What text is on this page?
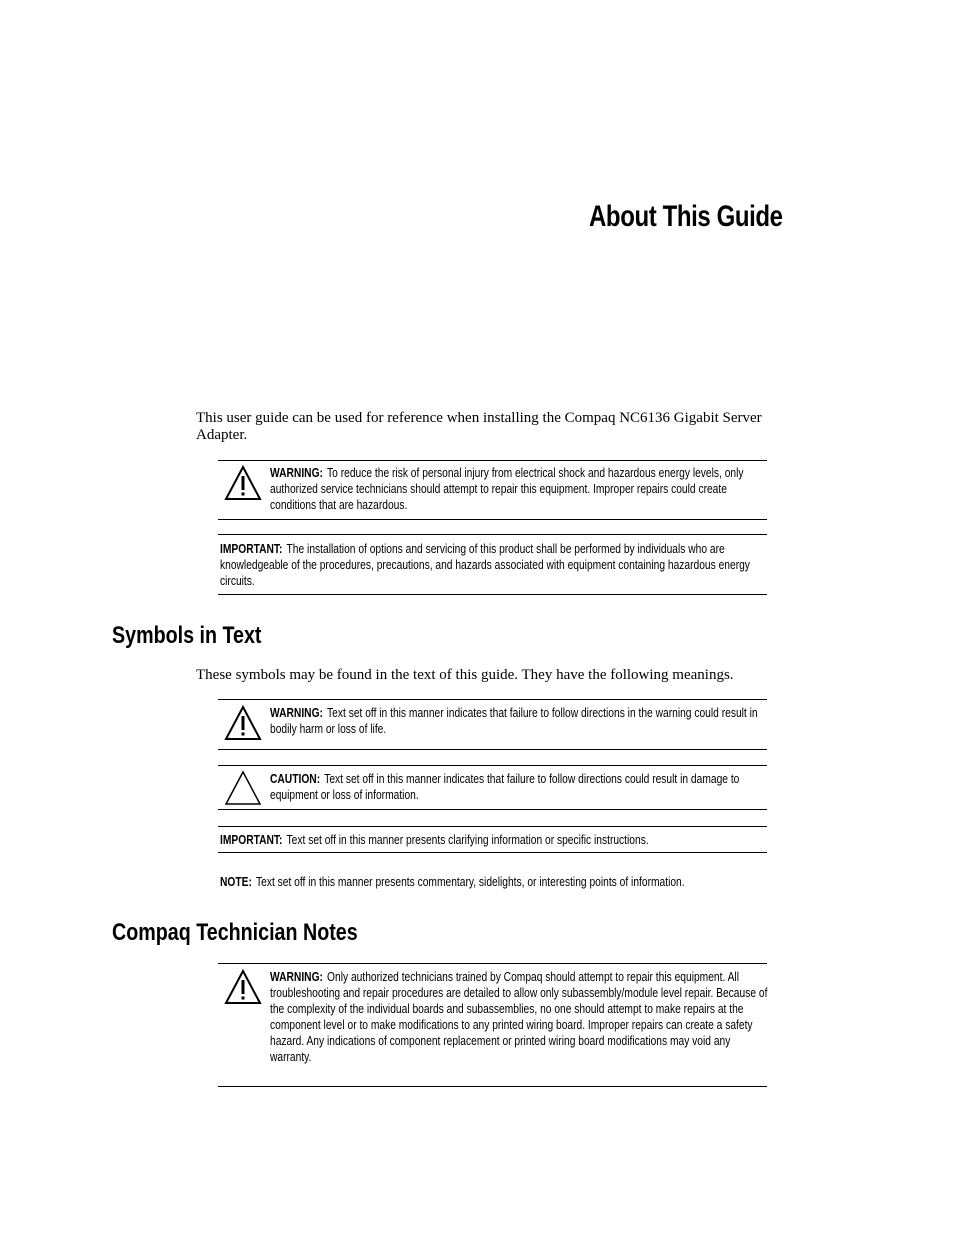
About This Guide
This user guide can be used for reference when installing the Compaq NC6136 Gigabit Server Adapter.
WARNING: To reduce the risk of personal injury from electrical shock and hazardous energy levels, only authorized service technicians should attempt to repair this equipment. Improper repairs could create conditions that are hazardous.
IMPORTANT: The installation of options and servicing of this product shall be performed by individuals who are knowledgeable of the procedures, precautions, and hazards associated with equipment containing hazardous energy circuits.
Symbols in Text
These symbols may be found in the text of this guide. They have the following meanings.
WARNING: Text set off in this manner indicates that failure to follow directions in the warning could result in bodily harm or loss of life.
CAUTION: Text set off in this manner indicates that failure to follow directions could result in damage to equipment or loss of information.
IMPORTANT: Text set off in this manner presents clarifying information or specific instructions.
NOTE: Text set off in this manner presents commentary, sidelights, or interesting points of information.
Compaq Technician Notes
WARNING: Only authorized technicians trained by Compaq should attempt to repair this equipment. All troubleshooting and repair procedures are detailed to allow only subassembly/module level repair. Because of the complexity of the individual boards and subassemblies, no one should attempt to make repairs at the component level or to make modifications to any printed wiring board. Improper repairs can create a safety hazard. Any indications of component replacement or printed wiring board modifications may void any warranty.
